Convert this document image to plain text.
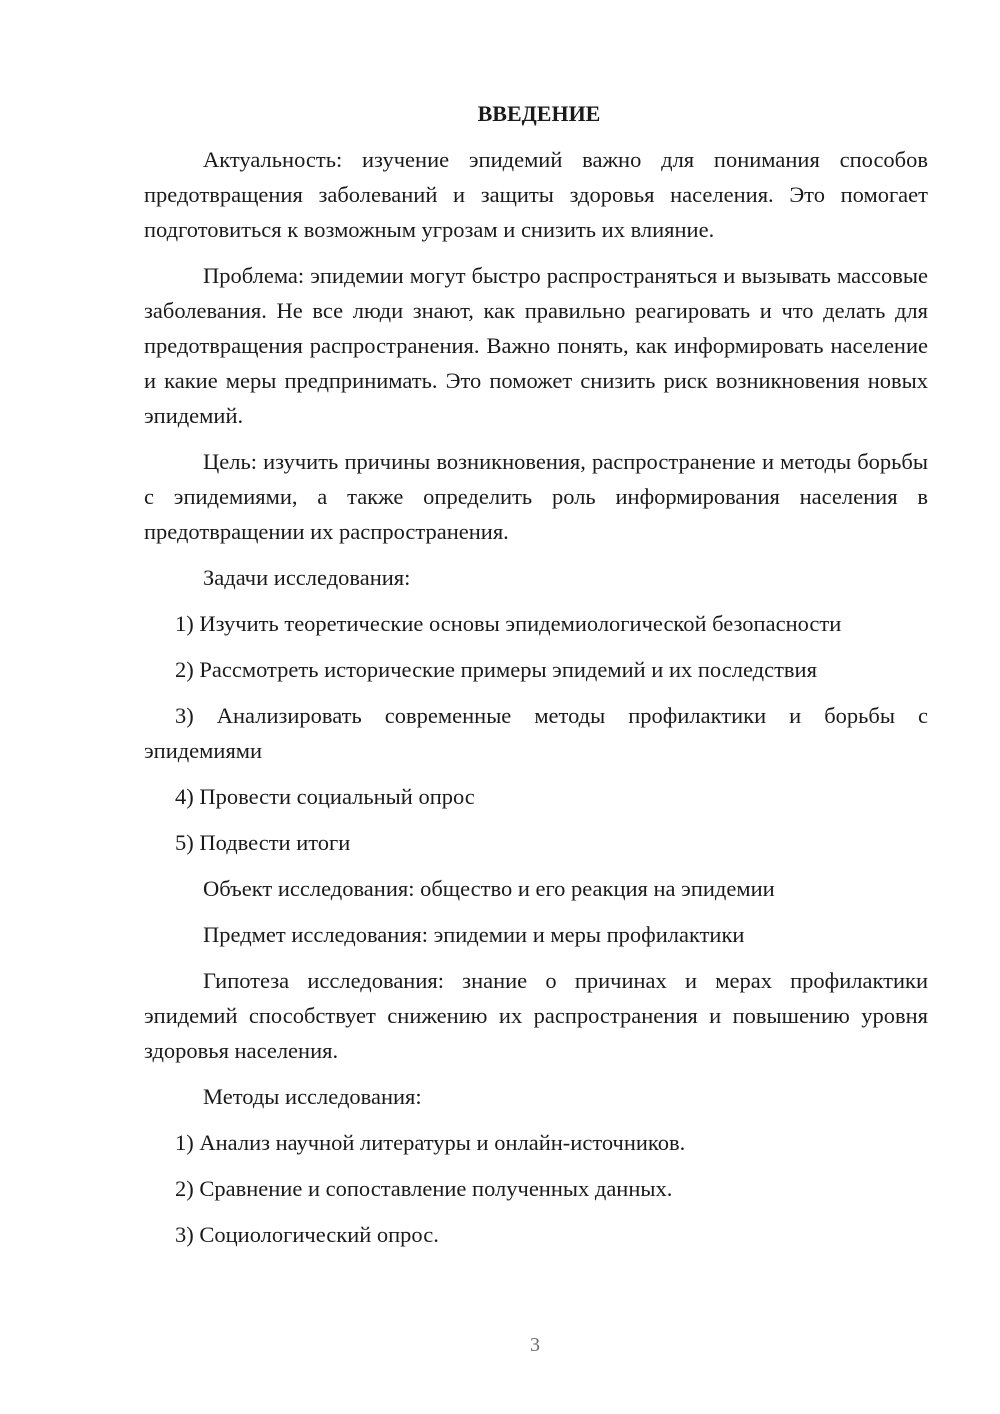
ВВЕДЕНИЕ
Актуальность: изучение эпидемий важно для понимания способов предотвращения заболеваний и защиты здоровья населения. Это помогает подготовиться к возможным угрозам и снизить их влияние.
Проблема: эпидемии могут быстро распространяться и вызывать массовые заболевания. Не все люди знают, как правильно реагировать и что делать для предотвращения распространения. Важно понять, как информировать население и какие меры предпринимать. Это поможет снизить риск возникновения новых эпидемий.
Цель: изучить причины возникновения, распространение и методы борьбы с эпидемиями, а также определить роль информирования населения в предотвращении их распространения.
Задачи исследования:
1) Изучить теоретические основы эпидемиологической безопасности
2) Рассмотреть исторические примеры эпидемий и их последствия
3) Анализировать современные методы профилактики и борьбы с эпидемиями
4) Провести социальный опрос
5) Подвести итоги
Объект исследования: общество и его реакция на эпидемии
Предмет исследования: эпидемии и меры профилактики
Гипотеза исследования: знание о причинах и мерах профилактики эпидемий способствует снижению их распространения и повышению уровня здоровья населения.
Методы исследования:
1) Анализ научной литературы и онлайн-источников.
2) Сравнение и сопоставление полученных данных.
3) Социологический опрос.
3
